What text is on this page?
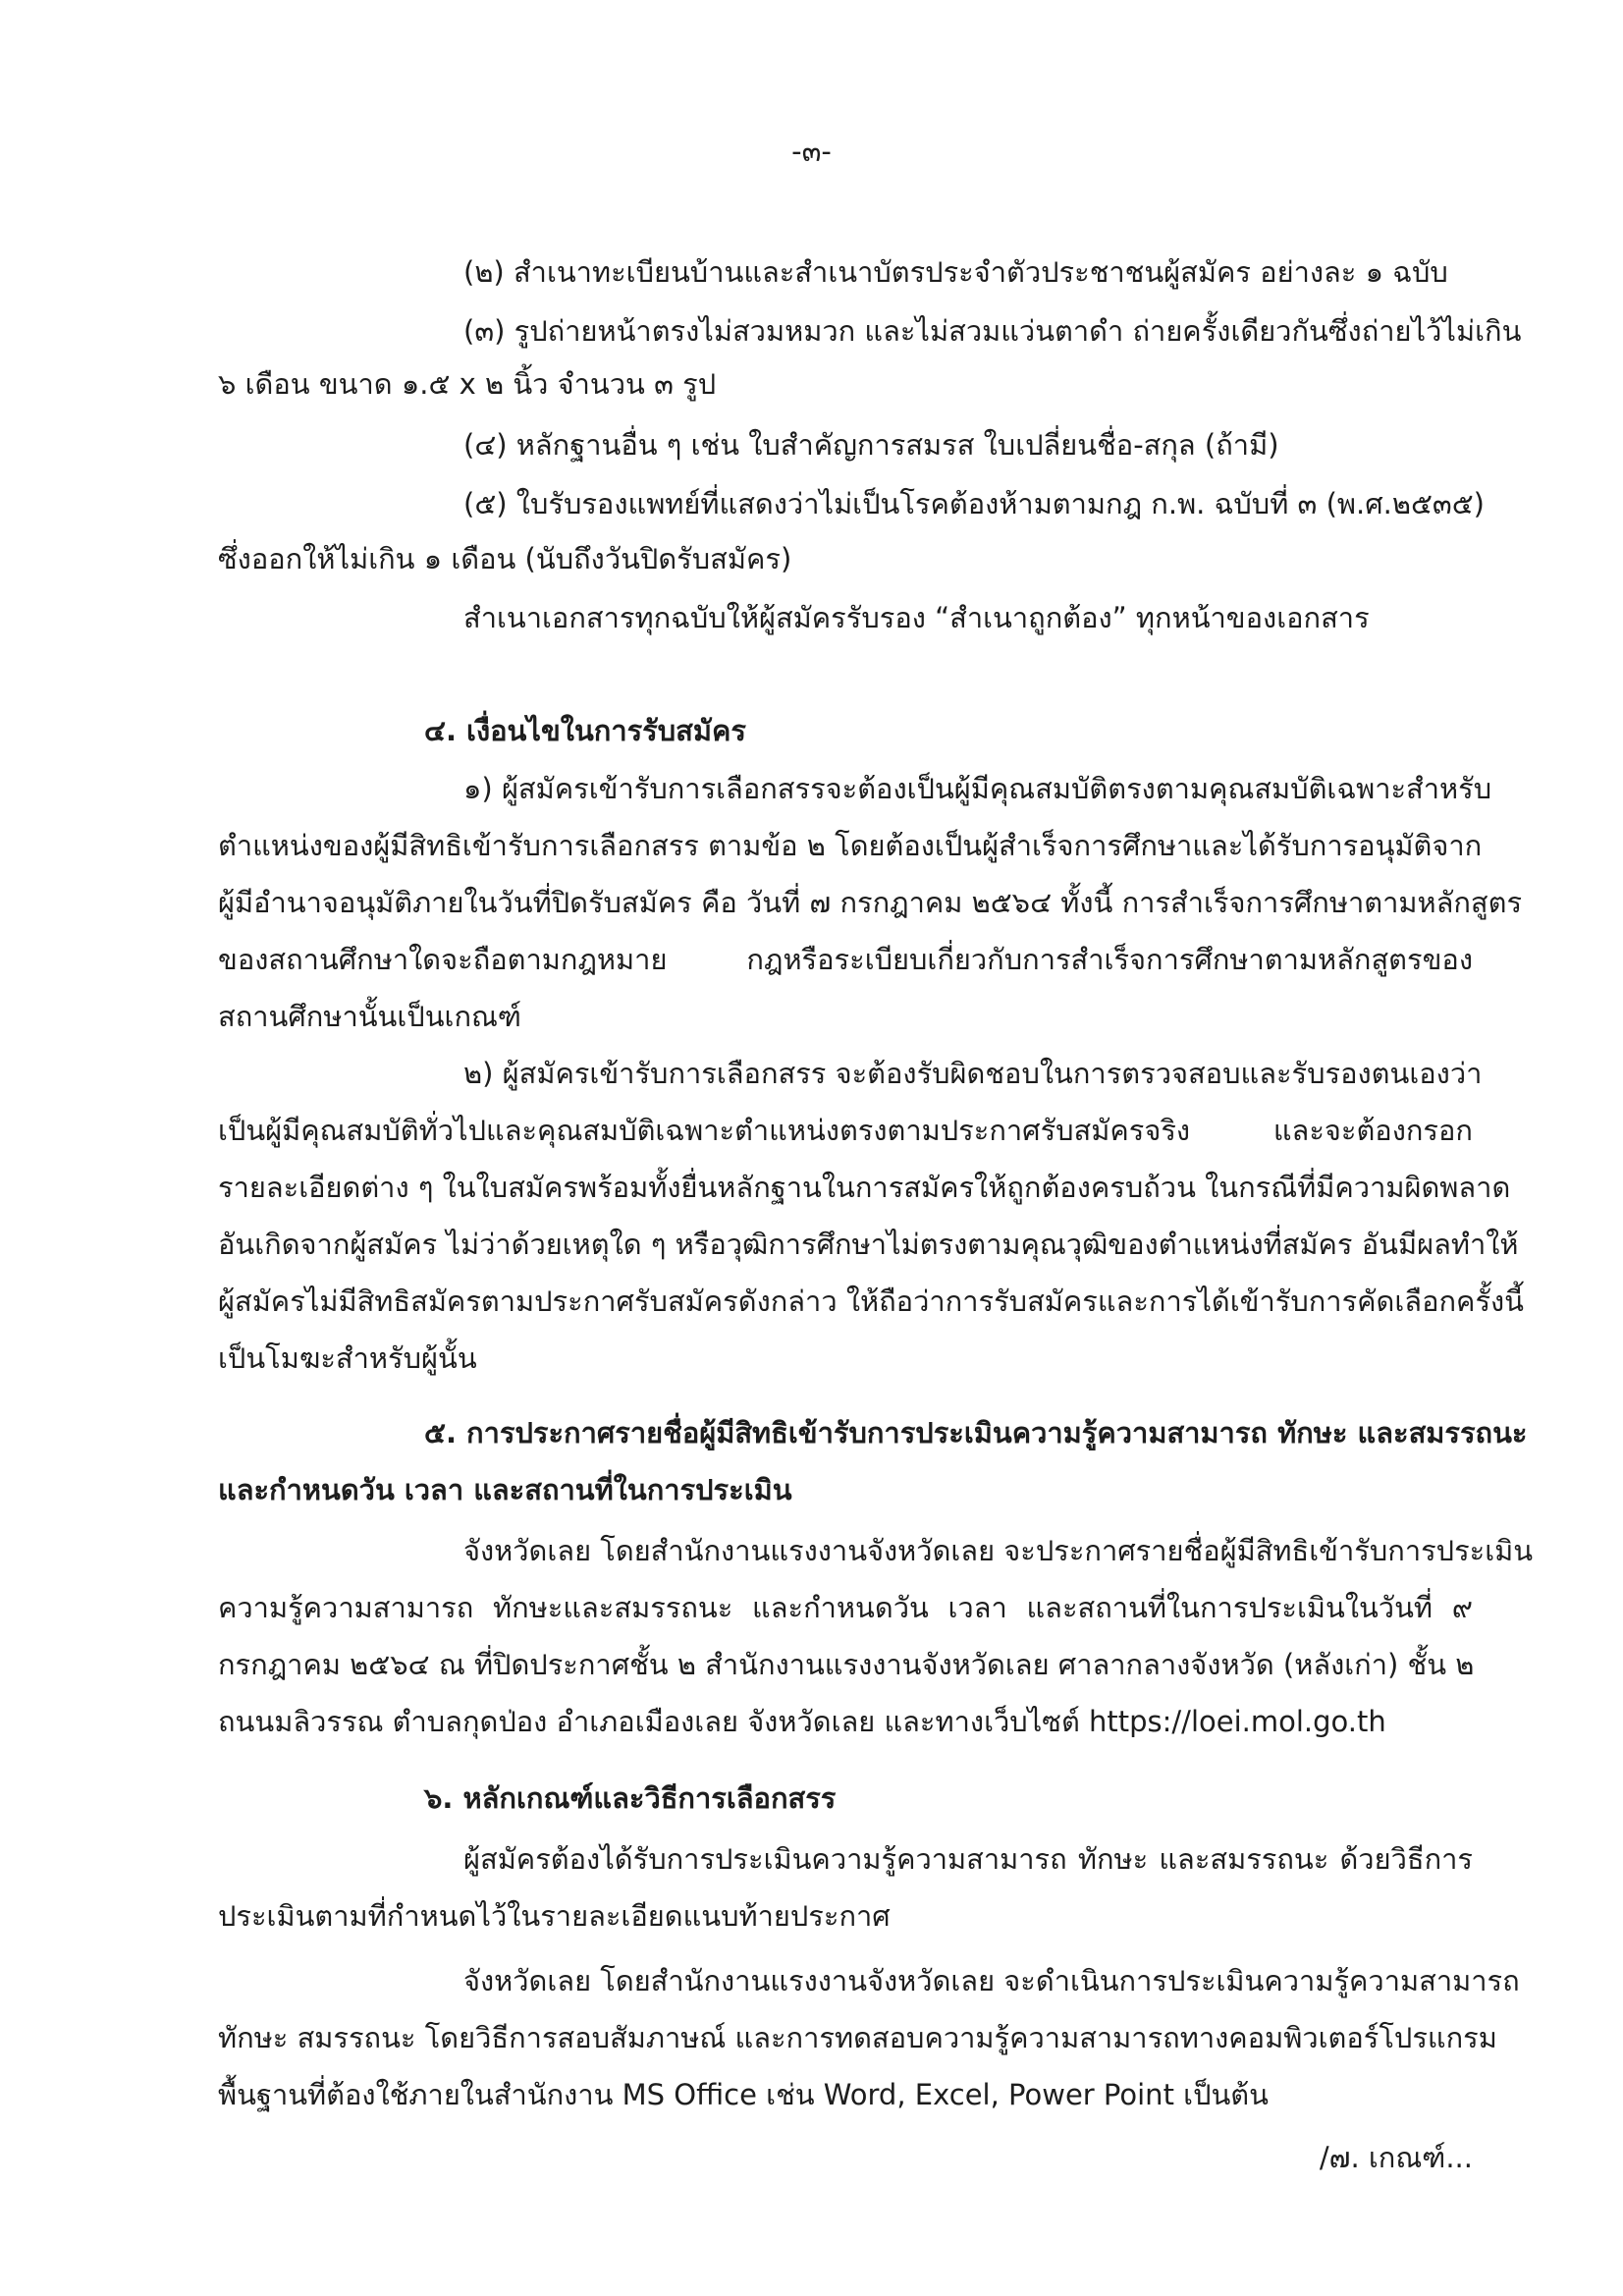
-๓-
(๒) สำเนาทะเบียนบ้านและสำเนาบัตรประจำตัวประชาชนผู้สมัคร อย่างละ ๑ ฉบับ
(๓) รูปถ่ายหน้าตรงไม่สวมหมวก และไม่สวมแว่นตาดำ ถ่ายครั้งเดียวกันซึ่งถ่ายไว้ไม่เกิน
๖ เดือน ขนาด ๑.๕ x ๒ นิ้ว จำนวน ๓ รูป
(๔) หลักฐานอื่น ๆ เช่น ใบสำคัญการสมรส ใบเปลี่ยนชื่อ-สกุล (ถ้ามี)
(๕) ใบรับรองแพทย์ที่แสดงว่าไม่เป็นโรคต้องห้ามตามกฎ ก.พ. ฉบับที่ ๓ (พ.ศ.๒๕๓๕)
ซึ่งออกให้ไม่เกิน ๑ เดือน (นับถึงวันปิดรับสมัคร)
สำเนาเอกสารทุกฉบับให้ผู้สมัครรับรอง “สำเนาถูกต้อง” ทุกหน้าของเอกสาร
๔. เงื่อนไขในการรับสมัคร
๑) ผู้สมัครเข้ารับการเลือกสรรจะต้องเป็นผู้มีคุณสมบัติตรงตามคุณสมบัติเฉพาะสำหรับ
ตำแหน่งของผู้มีสิทธิเข้ารับการเลือกสรร ตามข้อ ๒ โดยต้องเป็นผู้สำเร็จการศึกษาและได้รับการอนุมัติจาก
ผู้มีอำนาจอนุมัติภายในวันที่ปิดรับสมัคร คือ วันที่ ๗ กรกฎาคม ๒๕๖๔ ทั้งนี้ การสำเร็จการศึกษาตามหลักสูตร
ของสถานศึกษาใดจะถือตามกฎหมาย กฎหรือระเบียบเกี่ยวกับการสำเร็จการศึกษาตามหลักสูตรของ
สถานศึกษานั้นเป็นเกณฑ์
๒) ผู้สมัครเข้ารับการเลือกสรร จะต้องรับผิดชอบในการตรวจสอบและรับรองตนเองว่า
เป็นผู้มีคุณสมบัติทั่วไปและคุณสมบัติเฉพาะตำแหน่งตรงตามประกาศรับสมัครจริง และจะต้องกรอก
รายละเอียดต่าง ๆ ในใบสมัครพร้อมทั้งยื่นหลักฐานในการสมัครให้ถูกต้องครบถ้วน ในกรณีที่มีความผิดพลาด
อันเกิดจากผู้สมัคร ไม่ว่าด้วยเหตุใด ๆ หรือวุฒิการศึกษาไม่ตรงตามคุณวุฒิของตำแหน่งที่สมัคร อันมีผลทำให้
ผู้สมัครไม่มีสิทธิสมัครตามประกาศรับสมัครดังกล่าว ให้ถือว่าการรับสมัครและการได้เข้ารับการคัดเลือกครั้งนี้
เป็นโมฆะสำหรับผู้นั้น
๕. การประกาศรายชื่อผู้มีสิทธิเข้ารับการประเมินความรู้ความสามารถ ทักษะ และสมรรถนะ
และกำหนดวัน เวลา และสถานที่ในการประเมิน
จังหวัดเลย โดยสำนักงานแรงงานจังหวัดเลย จะประกาศรายชื่อผู้มีสิทธิเข้ารับการประเมิน
ความรู้ความสามารถ ทักษะและสมรรถนะ และกำหนดวัน เวลา และสถานที่ในการประเมินในวันที่ ๙
กรกฎาคม ๒๕๖๔ ณ ที่ปิดประกาศชั้น ๒ สำนักงานแรงงานจังหวัดเลย ศาลากลางจังหวัด (หลังเก่า) ชั้น ๒
ถนนมลิวรรณ ตำบลกุดป่อง อำเภอเมืองเลย จังหวัดเลย และทางเว็บไซต์ https://loei.mol.go.th
๖. หลักเกณฑ์และวิธีการเลือกสรร
ผู้สมัครต้องได้รับการประเมินความรู้ความสามารถ ทักษะ และสมรรถนะ ด้วยวิธีการ
ประเมินตามที่กำหนดไว้ในรายละเอียดแนบท้ายประกาศ
จังหวัดเลย โดยสำนักงานแรงงานจังหวัดเลย จะดำเนินการประเมินความรู้ความสามารถ
ทักษะ สมรรถนะ โดยวิธีการสอบสัมภาษณ์ และการทดสอบความรู้ความสามารถทางคอมพิวเตอร์โปรแกรม
พื้นฐานที่ต้องใช้ภายในสำนักงาน MS Office เช่น Word, Excel, Power Point เป็นต้น
/๗. เกณฑ์...
